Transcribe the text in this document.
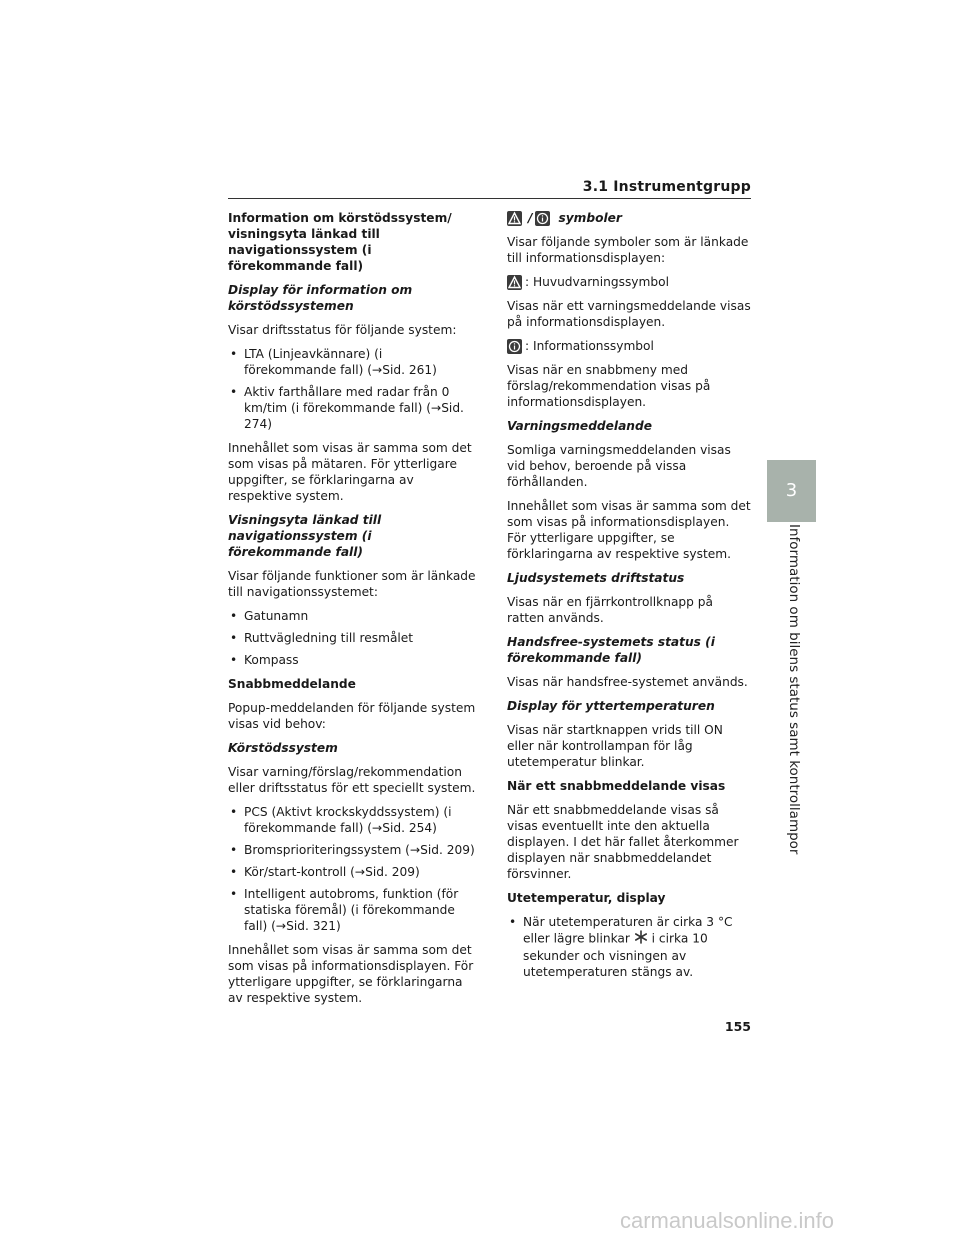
3.1 Instrumentgrupp
Information om körstödssystem/ visningsyta länkad till navigationssystem (i förekommande fall)
Display för information om körstödssystemen
Visar driftsstatus för följande system:
• LTA (Linjeavkännare) (i förekommande fall) (→Sid. 261)
• Aktiv farthållare med radar från 0 km/tim (i förekommande fall) (→Sid. 274)
Innehållet som visas är samma som det som visas på mätaren. För ytterligare uppgifter, se förklaringarna av respektive system.
Visningsyta länkad till navigationssystem (i förekommande fall)
Visar följande funktioner som är länkade till navigationssystemet:
• Gatunamn
• Ruttvägledning till resmålet
• Kompass
Snabbmeddelande
Popup-meddelanden för följande system visas vid behov:
Körstödssystem
Visar varning/förslag/rekommendation eller driftsstatus för ett speciellt system.
• PCS (Aktivt krockskyddssystem) (i förekommande fall) (→Sid. 254)
• Bromsprioriteringssystem (→Sid. 209)
• Kör/start-kontroll (→Sid. 209)
• Intelligent autobroms, funktion (för statiska föremål) (i förekommande fall) (→Sid. 321)
Innehållet som visas är samma som det som visas på informationsdisplayen. För ytterligare uppgifter, se förklaringarna av respektive system.
/ symboler
Visar följande symboler som är länkade till informationsdisplayen:
: Huvudvarningssymbol
Visas när ett varningsmeddelande visas på informationsdisplayen.
: Informationssymbol
Visas när en snabbmeny med förslag/rekommendation visas på informationsdisplayen.
Varningsmeddelande
Somliga varningsmeddelanden visas vid behov, beroende på vissa förhållanden.
Innehållet som visas är samma som det som visas på informationsdisplayen. För ytterligare uppgifter, se förklaringarna av respektive system.
Ljudsystemets driftstatus
Visas när en fjärrkontrollknapp på ratten används.
Handsfree-systemets status (i förekommande fall)
Visas när handsfree-systemet används.
Display för yttertemperaturen
Visas när startknappen vrids till ON eller när kontrollampan för låg utetemperatur blinkar.
När ett snabbmeddelande visas
När ett snabbmeddelande visas så visas eventuellt inte den aktuella displayen. I det här fallet återkommer displayen när snabbmeddelandet försvinner.
Utetemperatur, display
• När utetemperaturen är cirka 3 °C eller lägre blinkar i cirka 10 sekunder och visningen av utetemperaturen stängs av.
3
Information om bilens status samt kontrollampor
155
carmanualsonline.info
